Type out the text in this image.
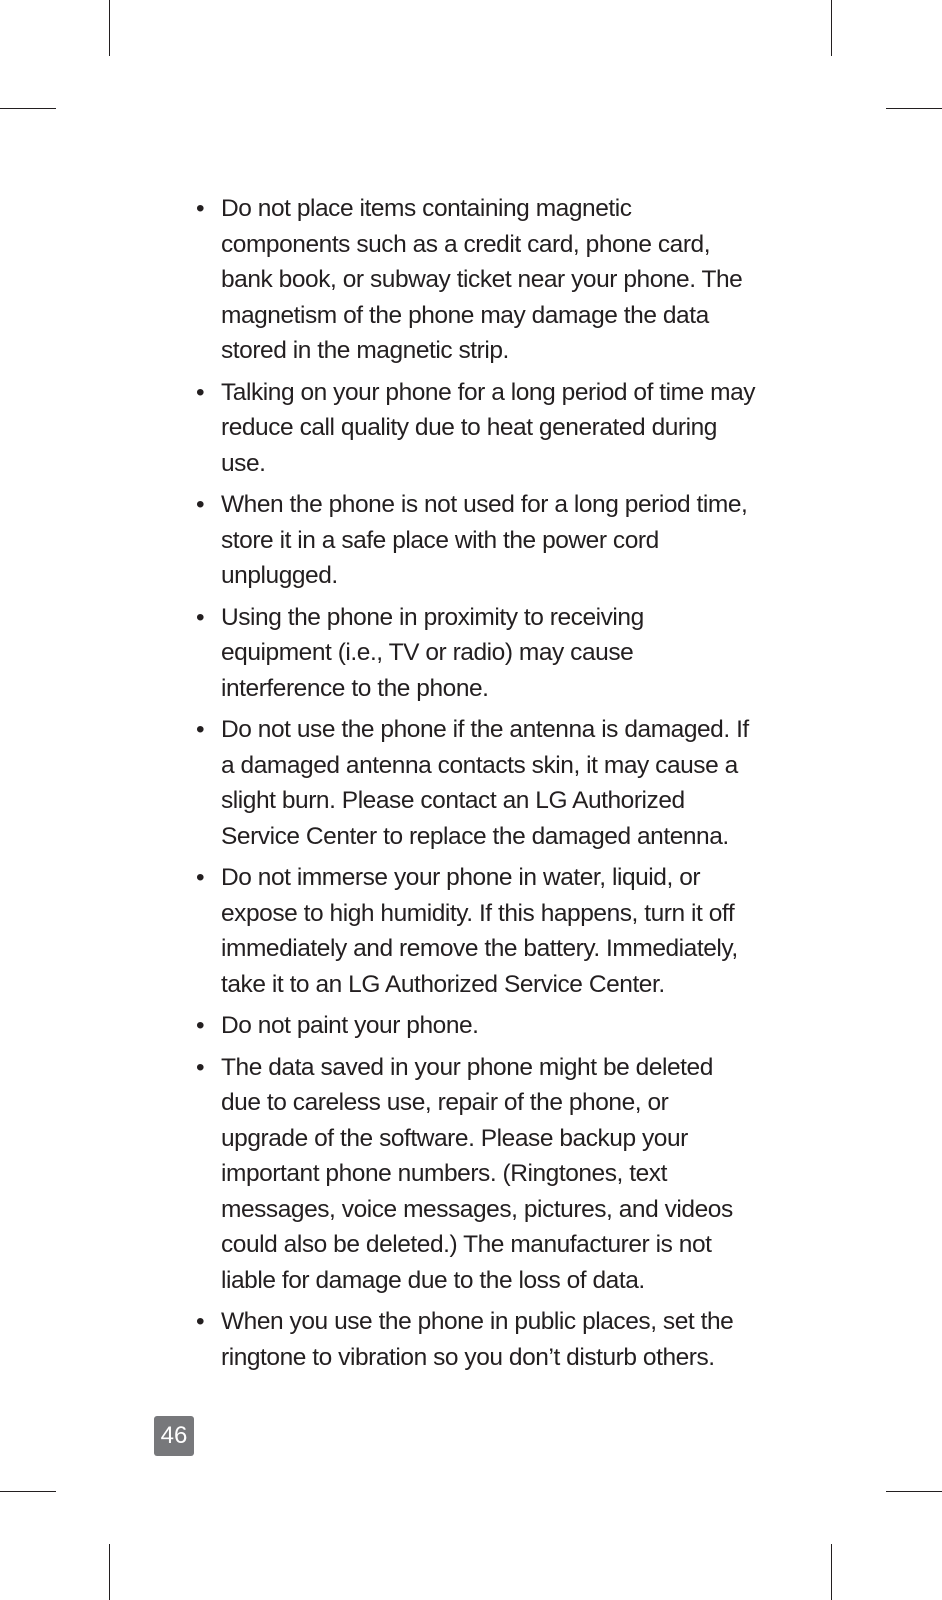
• Do not place items containing magnetic components such as a credit card, phone card, bank book, or subway ticket near your phone. The magnetism of the phone may damage the data stored in the magnetic strip.
• Talking on your phone for a long period of time may reduce call quality due to heat generated during use.
• When the phone is not used for a long period time, store it in a safe place with the power cord unplugged.
• Using the phone in proximity to receiving equipment (i.e., TV or radio) may cause interference to the phone.
• Do not use the phone if the antenna is damaged. If a damaged antenna contacts skin, it may cause a slight burn. Please contact an LG Authorized Service Center to replace the damaged antenna.
• Do not immerse your phone in water, liquid, or expose to high humidity. If this happens, turn it off immediately and remove the battery. Immediately, take it to an LG Authorized Service Center.
• Do not paint your phone.
• The data saved in your phone might be deleted due to careless use, repair of the phone, or upgrade of the software. Please backup your important phone numbers. (Ringtones, text messages, voice messages, pictures, and videos could also be deleted.) The manufacturer is not liable for damage due to the loss of data.
• When you use the phone in public places, set the ringtone to vibration so you don’t disturb others.
46
